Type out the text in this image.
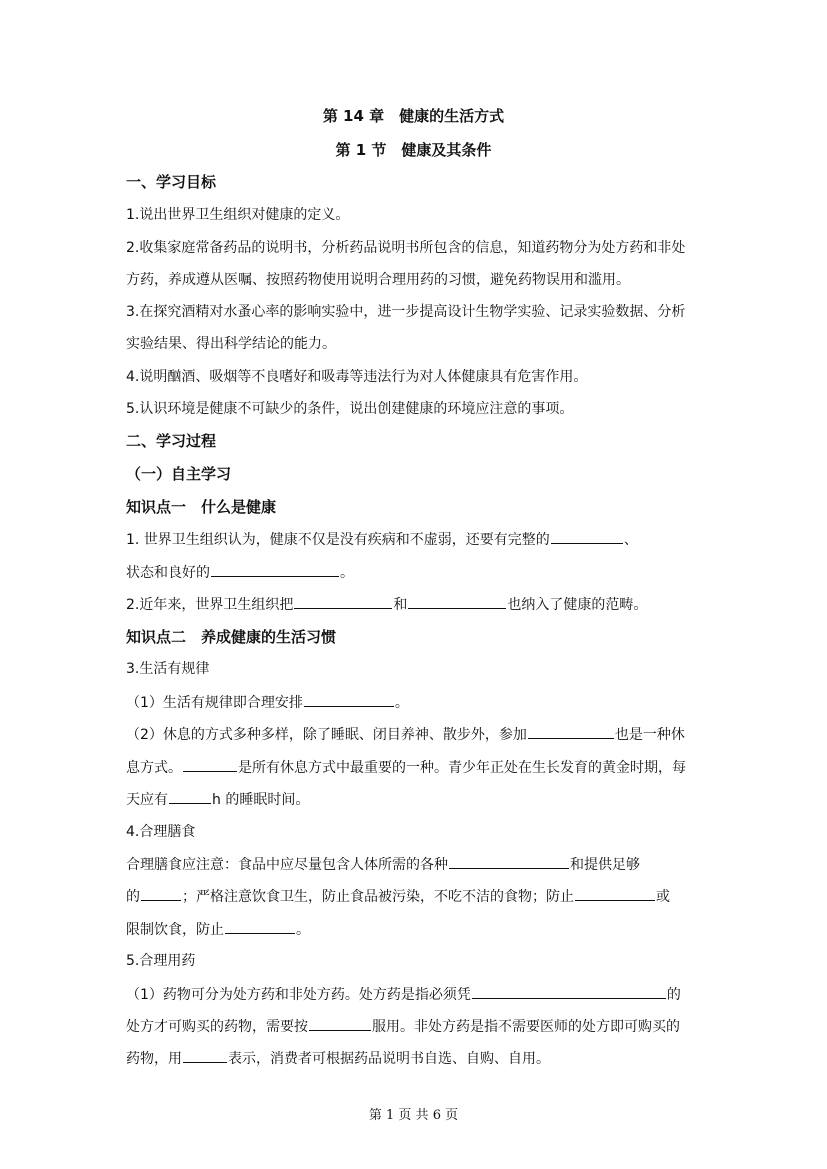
第 14 章　健康的生活方式
第 1 节　健康及其条件
一、学习目标
1.说出世界卫生组织对健康的定义。
2.收集家庭常备药品的说明书，分析药品说明书所包含的信息，知道药物分为处方药和非处
方药，养成遵从医嘱、按照药物使用说明合理用药的习惯，避免药物误用和滥用。
3.在探究酒精对水蚤心率的影响实验中，进一步提高设计生物学实验、记录实验数据、分析
实验结果、得出科学结论的能力。
4.说明酗酒、吸烟等不良嗜好和吸毒等违法行为对人体健康具有危害作用。
5.认识环境是健康不可缺少的条件，说出创建健康的环境应注意的事项。
二、学习过程
（一）自主学习
知识点一　什么是健康
1. 世界卫生组织认为，健康不仅是没有疾病和不虚弱，还要有完整的	、
状态和良好的	。
2.近年来，世界卫生组织把	和	也纳入了健康的范畴。
知识点二　养成健康的生活习惯
3.生活有规律
（1）生活有规律即合理安排	。
（2）休息的方式多种多样，除了睡眠、闭目养神、散步外，参加	也是一种休
息方式。	是所有休息方式中最重要的一种。青少年正处在生长发育的黄金时期，每
天应有	h 的睡眠时间。
4.合理膳食
合理膳食应注意：食品中应尽量包含人体所需的各种	和提供足够
的	；严格注意饮食卫生，防止食品被污染，不吃不洁的食物；防止	或
限制饮食，防止	。
5.合理用药
（1）药物可分为处方药和非处方药。处方药是指必须凭	的
处方才可购买的药物，需要按	服用。非处方药是指不需要医师的处方即可购买的
药物，用	表示，消费者可根据药品说明书自选、自购、自用。
第 1 页 共 6 页
